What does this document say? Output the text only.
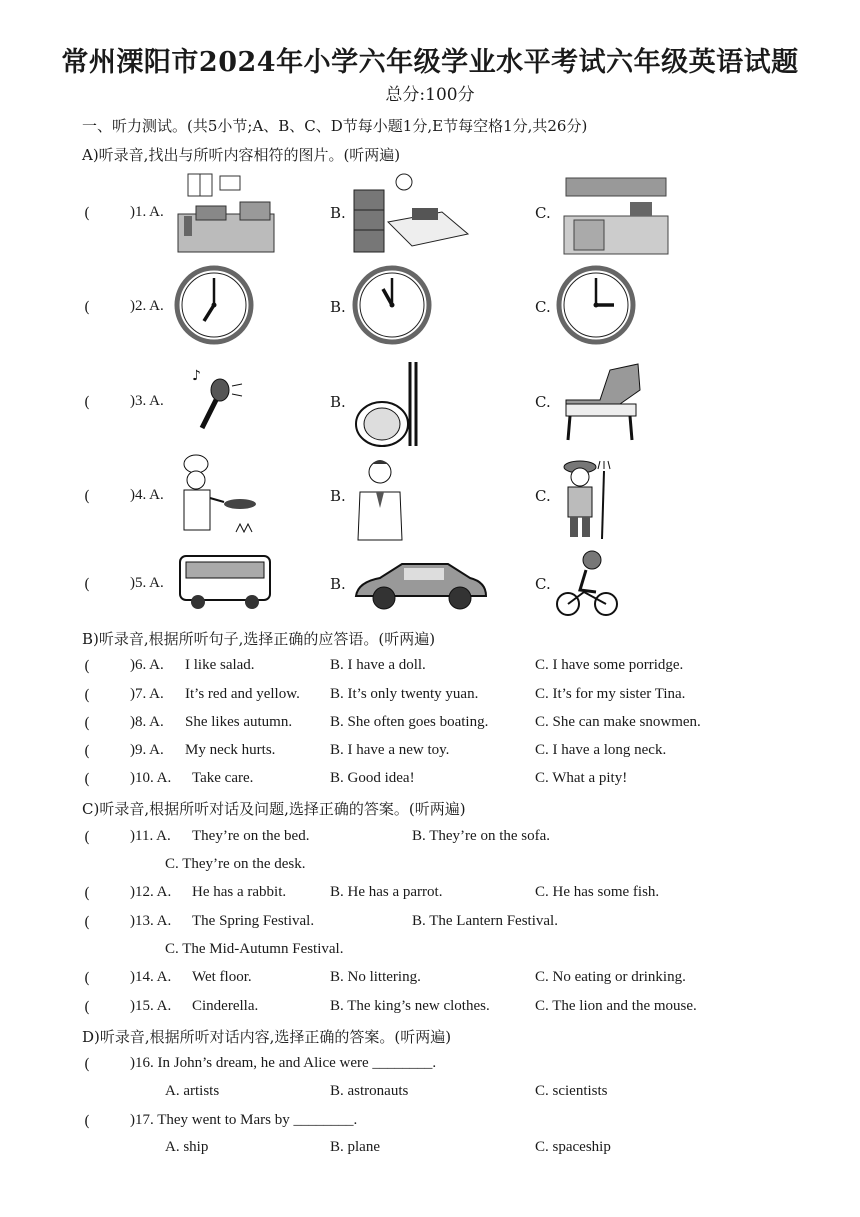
常州溧阳市2024年小学六年级学业水平考试六年级英语试题
总分:100分
一、听力测试。(共5小节;A、B、C、D节每小题1分,E节每空格1分,共26分)
A)听录音,找出与所听内容相符的图片。(听两遍)
(	)1. A.	B.	C.
(	)2. A.	B.	C.
(	)3. A.	B.	C.
♪
(	)4. A.	B.	C.
(	)5. A.	B.	C.
B)听录音,根据所听句子,选择正确的应答语。(听两遍)
(	)6. A. I like salad.	B. I have a doll.	C. I have some porridge.
(	)7. A. It’s red and yellow. B. It’s only twenty yuan.	C. It’s for my sister Tina.
(	)8. A. She likes autumn.	B. She often goes boating.	C. She can make snowmen.
(	)9. A. My neck hurts.	B. I have a new toy.	C. I have a long neck.
(	)10. A. Take care.	B. Good idea!	C. What a pity!
C)听录音,根据所听对话及问题,选择正确的答案。(听两遍)
(	)11. A. They’re on the bed.	B. They’re on the sofa.
C. They’re on the desk.
(	)12. A. He has a rabbit.	B. He has a parrot.	C. He has some fish.
(	)13. A. The Spring Festival.	B. The Lantern Festival.
C. The Mid-Autumn Festival.
(	)14. A. Wet floor.	B. No littering.	C. No eating or drinking.
(	)15. A. Cinderella.	B. The king’s new clothes.	C. The lion and the mouse.
D)听录音,根据所听对话内容,选择正确的答案。(听两遍)
(	)16. In John’s dream, he and Alice were ________.
A. artists	B. astronauts	C. scientists
(	)17. They went to Mars by ________.
A. ship	B. plane	C. spaceship
